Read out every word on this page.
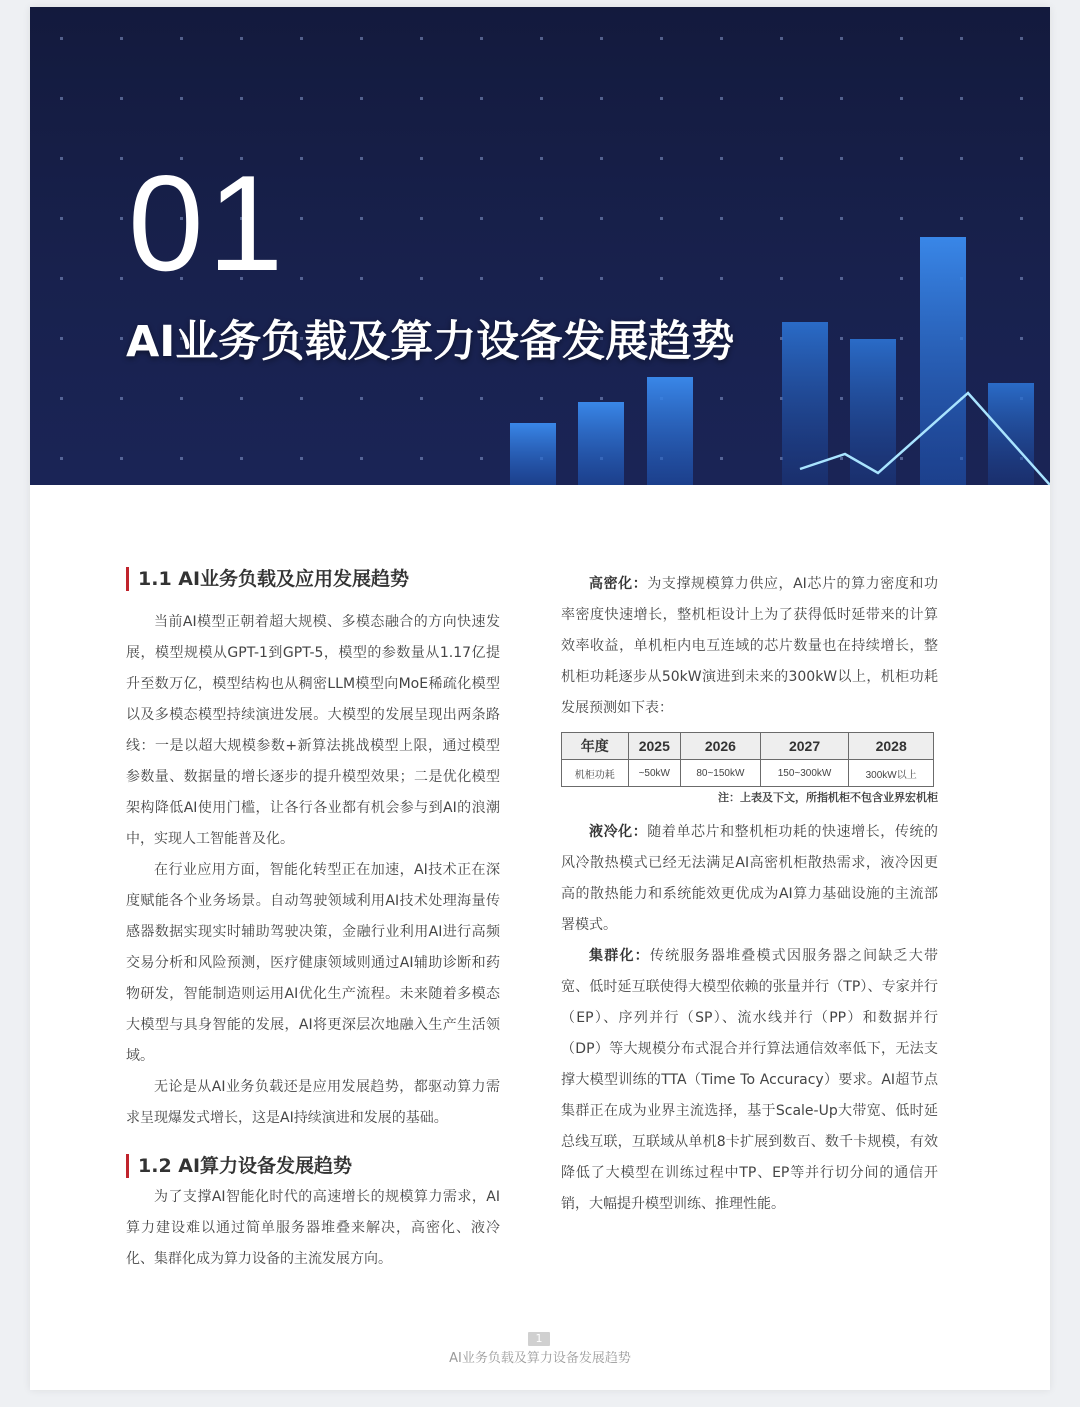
01
AI业务负载及算力设备发展趋势
1.1 AI业务负载及应用发展趋势

当前AI模型正朝着超大规模、多模态融合的方向快速发展，模型规模从GPT-1到GPT-5，模型的参数量从1.17亿提升至数万亿，模型结构也从稠密LLM模型向MoE稀疏化模型以及多模态模型持续演进发展。大模型的发展呈现出两条路线：一是以超大规模参数+新算法挑战模型上限，通过模型参数量、数据量的增长逐步的提升模型效果；二是优化模型架构降低AI使用门槛，让各行各业都有机会参与到AI的浪潮中，实现人工智能普及化。

在行业应用方面，智能化转型正在加速，AI技术正在深度赋能各个业务场景。自动驾驶领域利用AI技术处理海量传感器数据实现实时辅助驾驶决策，金融行业利用AI进行高频交易分析和风险预测，医疗健康领域则通过AI辅助诊断和药物研发，智能制造则运用AI优化生产流程。未来随着多模态大模型与具身智能的发展，AI将更深层次地融入生产生活领域。

无论是从AI业务负载还是应用发展趋势，都驱动算力需求呈现爆发式增长，这是AI持续演进和发展的基础。

1.2 AI算力设备发展趋势

为了支撑AI智能化时代的高速增长的规模算力需求，AI算力建设难以通过简单服务器堆叠来解决，高密化、液冷化、集群化成为算力设备的主流发展方向。

高密化：为支撑规模算力供应，AI芯片的算力密度和功率密度快速增长，整机柜设计上为了获得低时延带来的计算效率收益，单机柜内电互连域的芯片数量也在持续增长，整机柜功耗逐步从50kW演进到未来的300kW以上，机柜功耗发展预测如下表：

年度	2025	2026	2027	2028
机柜功耗	~50kW	80~150kW	150~300kW	300kW以上
注：上表及下文，所指机柜不包含业界宏机柜

液冷化：随着单芯片和整机柜功耗的快速增长，传统的风冷散热模式已经无法满足AI高密机柜散热需求，液冷因更高的散热能力和系统能效更优成为AI算力基础设施的主流部署模式。

集群化：传统服务器堆叠模式因服务器之间缺乏大带宽、低时延互联使得大模型依赖的张量并行（TP）、专家并行（EP）、序列并行（SP）、流水线并行（PP）和数据并行（DP）等大规模分布式混合并行算法通信效率低下，无法支撑大模型训练的TTA（Time To Accuracy）要求。AI超节点集群正在成为业界主流选择，基于Scale-Up大带宽、低时延总线互联，互联域从单机8卡扩展到数百、数千卡规模，有效降低了大模型在训练过程中TP、EP等并行切分间的通信开销，大幅提升模型训练、推理性能。

1
AI业务负载及算力设备发展趋势
